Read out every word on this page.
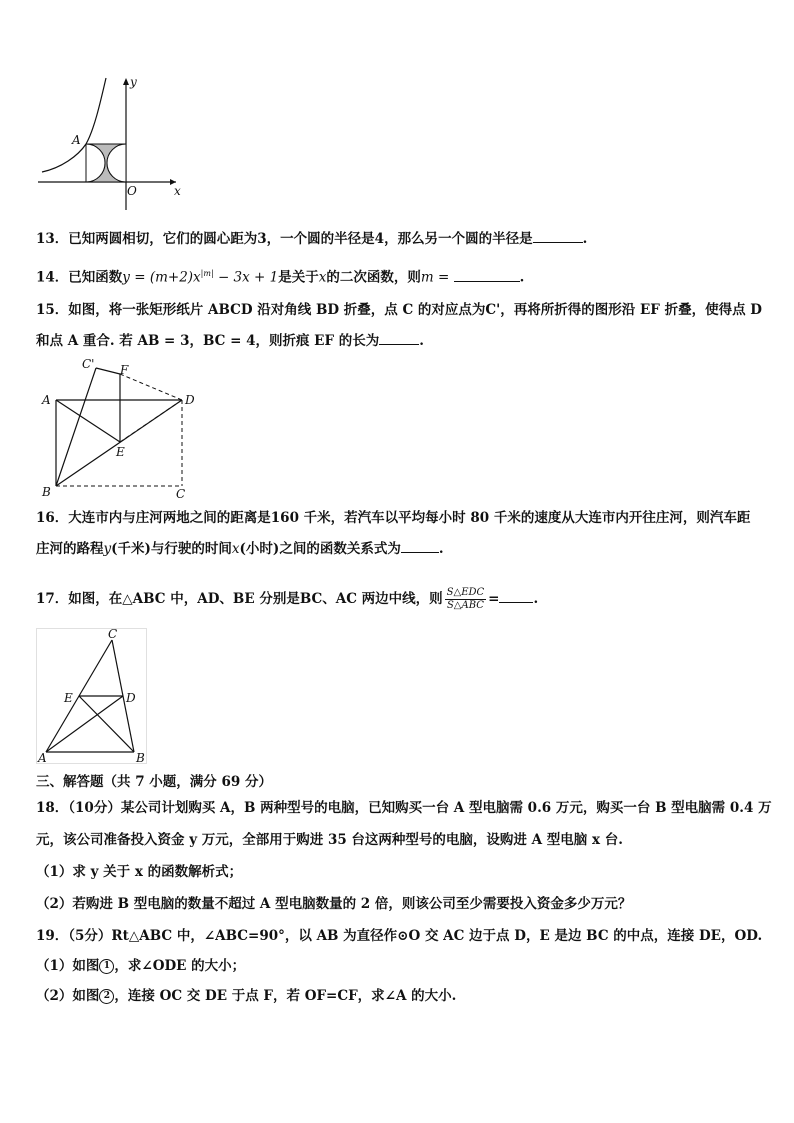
y
x
O
A
13．已知两圆相切，它们的圆心距为3，一个圆的半径是4，那么另一个圆的半径是	.
14．已知函数$y = (m+2)x^{|m|} - 3x + 1$是关于x的二次函数，则m =	.
15．如图，将一张矩形纸片 ABCD 沿对角线 BD 折叠，点 C 的对应点为C'，再将所折得的图形沿 EF 折叠，使得点 D
和点 A 重合. 若 AB = 3，BC = 4，则折痕 EF 的长为	.
C' F
A	D
E
B	C
16．大连市内与庄河两地之间的距离是160 千米，若汽车以平均每小时 80 千米的速度从大连市内开往庄河，则汽车距
庄河的路程y(千米)与行驶的时间x(小时)之间的函数关系式为	.
17．如图，在△ABC 中，AD、BE 分别是BC、AC 两边中线，则 $\frac{\text{S△EDC}}{\text{S△ABC}}$ =	.
C
E	D
A	B
三、解答题（共 7 小题，满分 69 分）
18．（10分）某公司计划购买 A，B 两种型号的电脑，已知购买一台 A 型电脑需 0.6 万元，购买一台 B 型电脑需 0.4 万
元，该公司准备投入资金 y 万元，全部用于购进 35 台这两种型号的电脑，设购进 A 型电脑 x 台.
（1）求 y 关于 x 的函数解析式；
（2）若购进 B 型电脑的数量不超过 A 型电脑数量的 2 倍，则该公司至少需要投入资金多少万元？
19．（5分）Rt△ABC 中，∠ABC=90°，以 AB 为直径作⊙O 交 AC 边于点 D，E 是边 BC 的中点，连接 DE，OD.
（1）如图 1 ，求∠ODE 的大小；
（2）如图 2 ，连接 OC 交 DE 于点 F，若 OF=CF，求∠A 的大小.
